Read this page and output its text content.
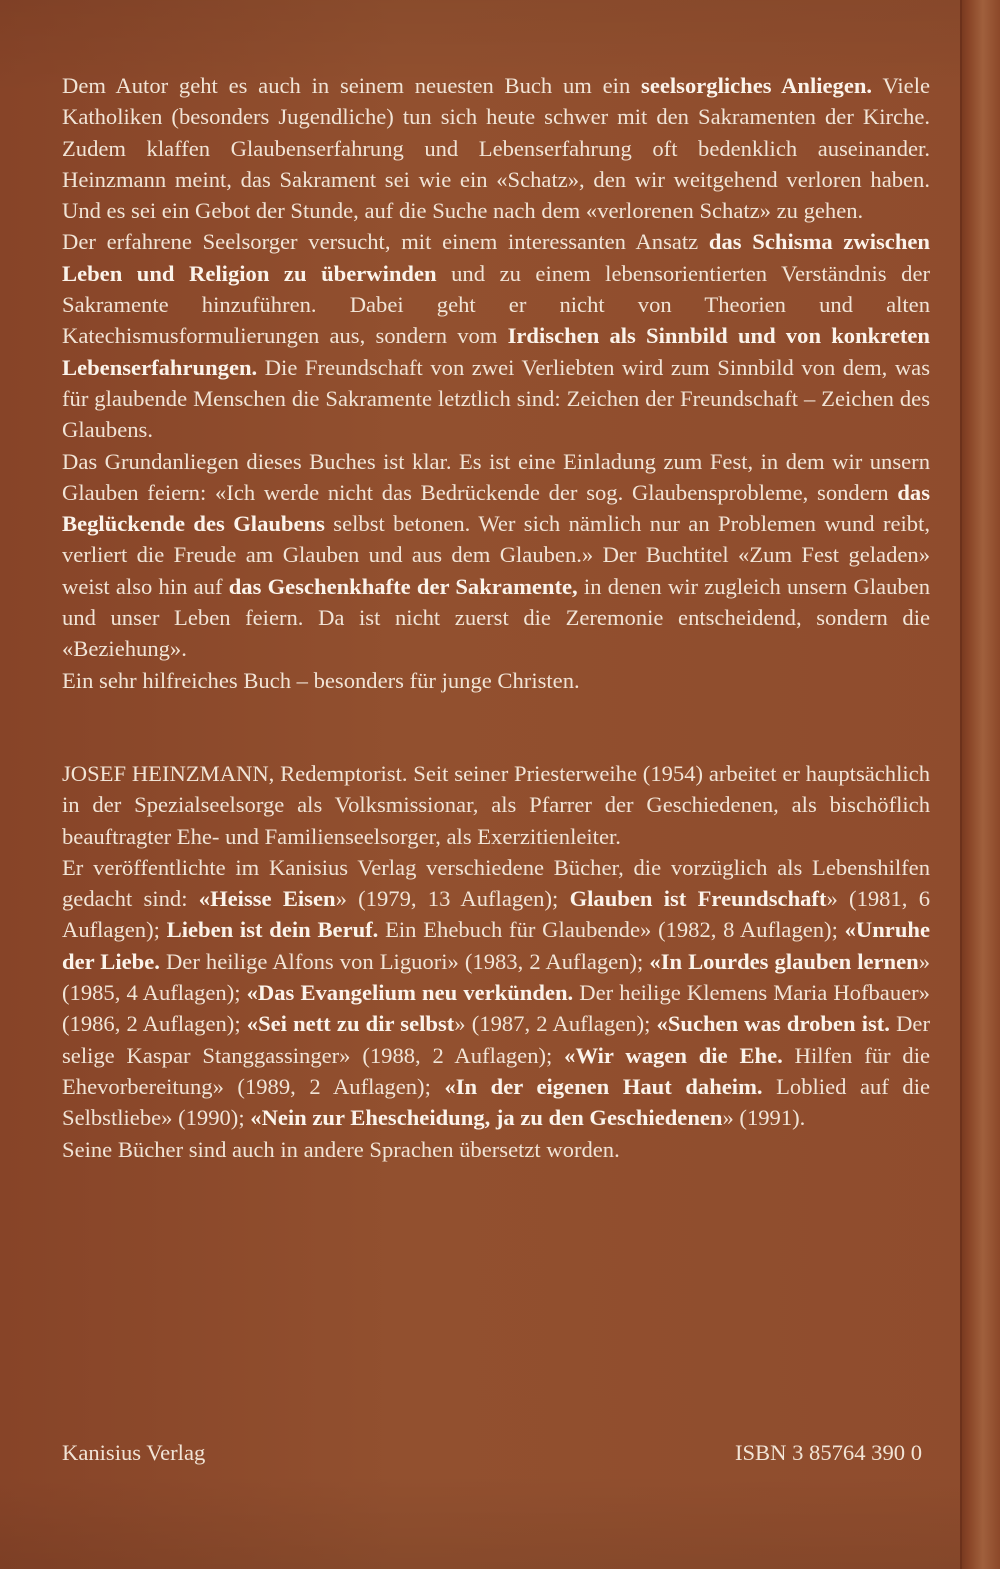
Dem Autor geht es auch in seinem neuesten Buch um ein seelsorgliches Anliegen. Viele Katholiken (besonders Jugendliche) tun sich heute schwer mit den Sakramenten der Kirche. Zudem klaffen Glaubenserfahrung und Lebenserfahrung oft bedenklich auseinander. Heinzmann meint, das Sakrament sei wie ein «Schatz», den wir weitgehend verloren haben. Und es sei ein Gebot der Stunde, auf die Suche nach dem «verlorenen Schatz» zu gehen.

Der erfahrene Seelsorger versucht, mit einem interessanten Ansatz das Schisma zwischen Leben und Religion zu überwinden und zu einem lebensorientierten Verständnis der Sakramente hinzuführen. Dabei geht er nicht von Theorien und alten Katechismusformulierungen aus, sondern vom Irdischen als Sinnbild und von konkreten Lebenserfahrungen. Die Freundschaft von zwei Verliebten wird zum Sinnbild von dem, was für glaubende Menschen die Sakramente letztlich sind: Zeichen der Freundschaft – Zeichen des Glaubens.

Das Grundanliegen dieses Buches ist klar. Es ist eine Einladung zum Fest, in dem wir unsern Glauben feiern: «Ich werde nicht das Bedrückende der sog. Glaubensprobleme, sondern das Beglückende des Glaubens selbst betonen. Wer sich nämlich nur an Problemen wund reibt, verliert die Freude am Glauben und aus dem Glauben.» Der Buchtitel «Zum Fest geladen» weist also hin auf das Geschenkhafte der Sakramente, in denen wir zugleich unsern Glauben und unser Leben feiern. Da ist nicht zuerst die Zeremonie entscheidend, sondern die «Beziehung».

Ein sehr hilfreiches Buch – besonders für junge Christen.

JOSEF HEINZMANN, Redemptorist. Seit seiner Priesterweihe (1954) arbeitet er hauptsächlich in der Spezialseelsorge als Volksmissionar, als Pfarrer der Geschiedenen, als bischöflich beauftragter Ehe- und Familienseelsorger, als Exerzitienleiter.

Er veröffentlichte im Kanisius Verlag verschiedene Bücher, die vorzüglich als Lebenshilfen gedacht sind: «Heisse Eisen» (1979, 13 Auflagen); Glauben ist Freundschaft» (1981, 6 Auflagen); Lieben ist dein Beruf. Ein Ehebuch für Glaubende» (1982, 8 Auflagen); «Unruhe der Liebe. Der heilige Alfons von Liguori» (1983, 2 Auflagen); «In Lourdes glauben lernen» (1985, 4 Auflagen); «Das Evangelium neu verkünden. Der heilige Klemens Maria Hofbauer» (1986, 2 Auflagen); «Sei nett zu dir selbst» (1987, 2 Auflagen); «Suchen was droben ist. Der selige Kaspar Stanggassinger» (1988, 2 Auflagen); «Wir wagen die Ehe. Hilfen für die Ehevorbereitung» (1989, 2 Auflagen); «In der eigenen Haut daheim. Loblied auf die Selbstliebe» (1990); «Nein zur Ehescheidung, ja zu den Geschiedenen» (1991).

Seine Bücher sind auch in andere Sprachen übersetzt worden.

Kanisius Verlag	ISBN 3 85764 390 0
